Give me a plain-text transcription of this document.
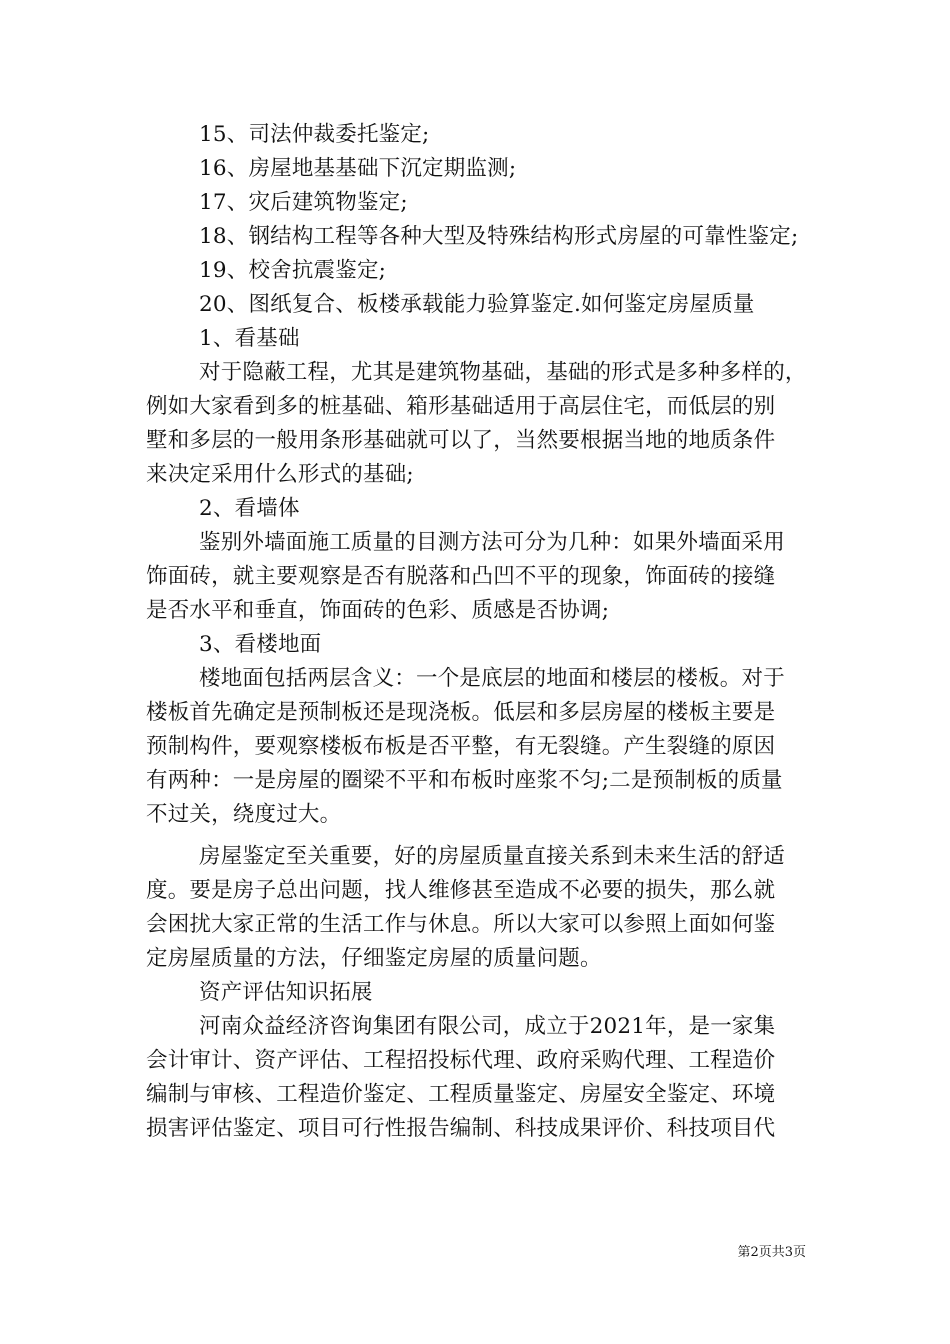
15、司法仲裁委托鉴定;
16、房屋地基基础下沉定期监测;
17、灾后建筑物鉴定;
18、钢结构工程等各种大型及特殊结构形式房屋的可靠性鉴定;
19、校舍抗震鉴定;
20、图纸复合、板楼承载能力验算鉴定.如何鉴定房屋质量
1、看基础
对于隐蔽工程，尤其是建筑物基础，基础的形式是多种多样的，
例如大家看到多的桩基础、箱形基础适用于高层住宅，而低层的别
墅和多层的一般用条形基础就可以了，当然要根据当地的地质条件
来决定采用什么形式的基础;
2、看墙体
鉴别外墙面施工质量的目测方法可分为几种：如果外墙面采用
饰面砖，就主要观察是否有脱落和凸凹不平的现象，饰面砖的接缝
是否水平和垂直，饰面砖的色彩、质感是否协调;
3、看楼地面
楼地面包括两层含义：一个是底层的地面和楼层的楼板。对于
楼板首先确定是预制板还是现浇板。低层和多层房屋的楼板主要是
预制构件，要观察楼板布板是否平整，有无裂缝。产生裂缝的原因
有两种：一是房屋的圈梁不平和布板时座浆不匀;二是预制板的质量
不过关，绕度过大。
房屋鉴定至关重要，好的房屋质量直接关系到未来生活的舒适
度。要是房子总出问题，找人维修甚至造成不必要的损失，那么就
会困扰大家正常的生活工作与休息。所以大家可以参照上面如何鉴
定房屋质量的方法，仔细鉴定房屋的质量问题。
资产评估知识拓展
河南众益经济咨询集团有限公司，成立于2021年，是一家集
会计审计、资产评估、工程招投标代理、政府采购代理、工程造价
编制与审核、工程造价鉴定、工程质量鉴定、房屋安全鉴定、环境
损害评估鉴定、项目可行性报告编制、科技成果评价、科技项目代
第2页共3页
